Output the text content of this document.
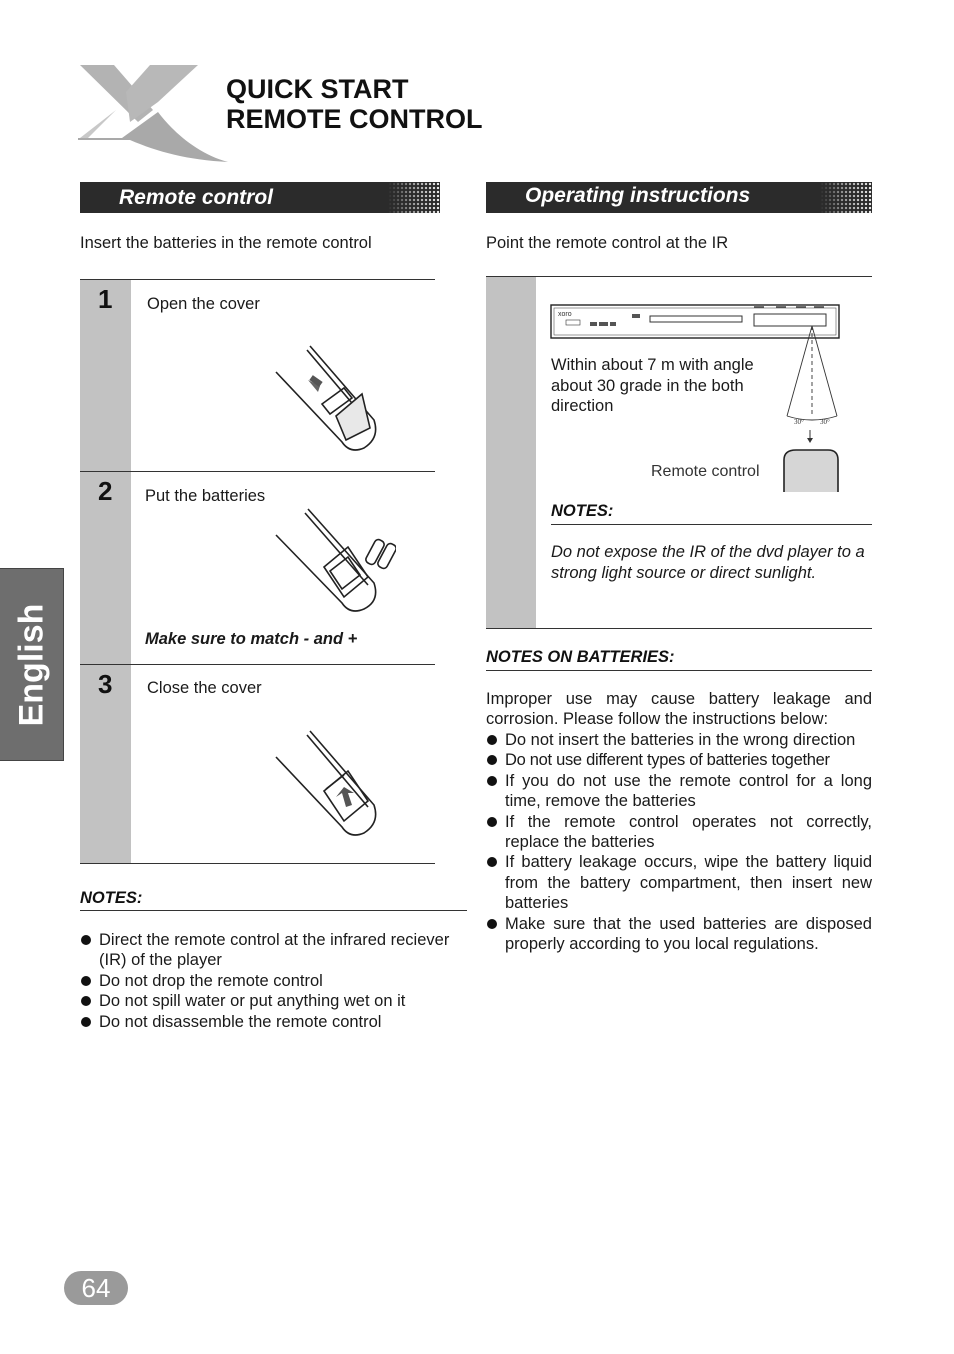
QUICK START
REMOTE CONTROL
Remote control	Operating instructions
Insert the batteries in the remote control
1 Open the cover
2 Put the batteries
Make sure to match - and +
3 Close the cover
NOTES:
Direct the remote control at the infrared reciever (IR) of the player
Do not drop the remote control
Do not spill water or put anything wet on it
Do not disassemble the remote control
Point the remote control at the IR
xoro
30° 30°
Within about 7 m with angle about 30 grade in the both direction
Remote control
NOTES:
Do not expose the IR of the dvd player to a strong light source or direct sunlight.
NOTES ON BATTERIES:
Improper use may cause battery leakage and corrosion. Please follow the instructions below:
Do not insert the batteries in the wrong direction
Do not use different types of batteries together
If you do not use the remote control for a long time, remove the batteries
If the remote control operates not correctly, replace the batteries
If battery leakage occurs, wipe the battery liquid from the battery compartment, then insert new batteries
Make sure that the used batteries are disposed properly according to you local regulations.
English
64
